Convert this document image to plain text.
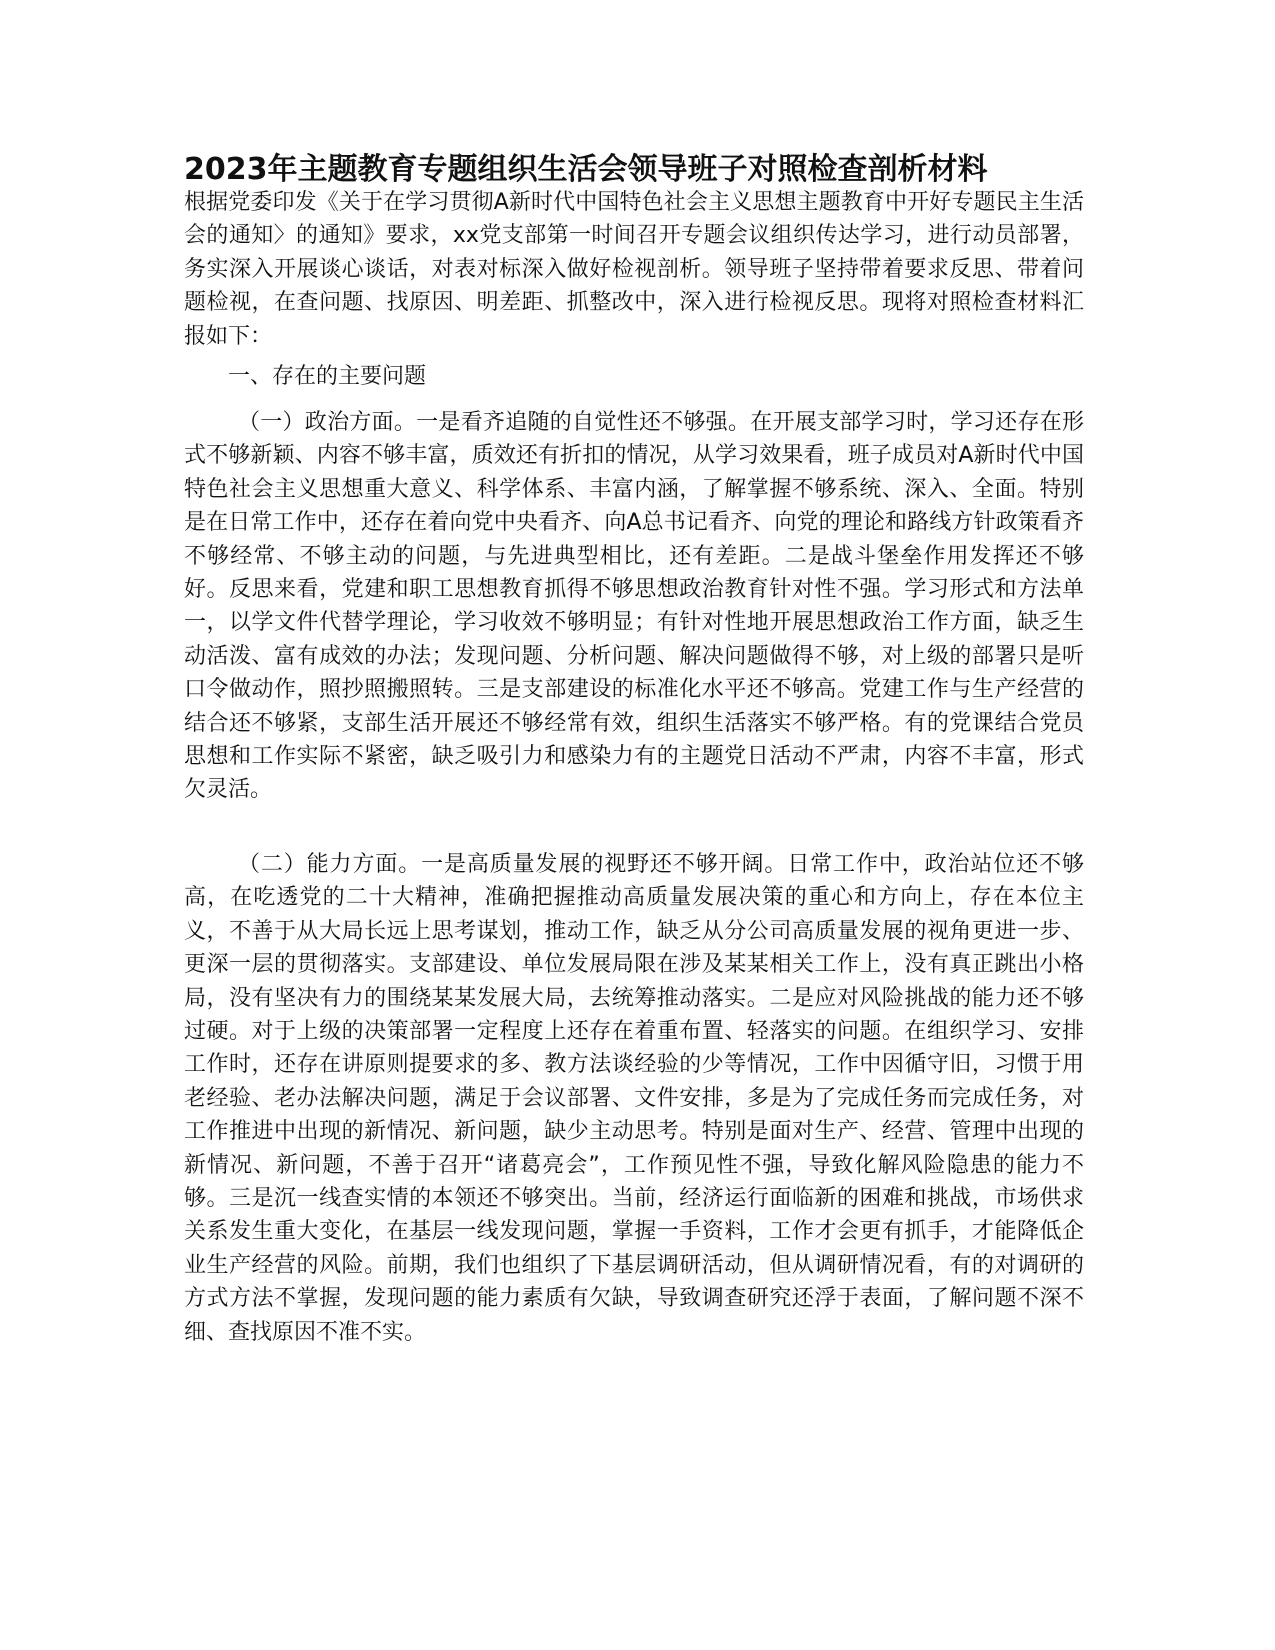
2023年主题教育专题组织生活会领导班子对照检查剖析材料

根据党委印发《关于在学习贯彻A新时代中国特色社会主义思想主题教育中开好专题民主生活会的通知〉的通知》要求，xx党支部第一时间召开专题会议组织传达学习，进行动员部署，务实深入开展谈心谈话，对表对标深入做好检视剖析。领导班子坚持带着要求反思、带着问题检视，在查问题、找原因、明差距、抓整改中，深入进行检视反思。现将对照检查材料汇报如下：

一、存在的主要问题

（一）政治方面。一是看齐追随的自觉性还不够强。在开展支部学习时，学习还存在形式不够新颖、内容不够丰富，质效还有折扣的情况，从学习效果看，班子成员对A新时代中国特色社会主义思想重大意义、科学体系、丰富内涵，了解掌握不够系统、深入、全面。特别是在日常工作中，还存在着向党中央看齐、向A总书记看齐、向党的理论和路线方针政策看齐不够经常、不够主动的问题，与先进典型相比，还有差距。二是战斗堡垒作用发挥还不够好。反思来看，党建和职工思想教育抓得不够思想政治教育针对性不强。学习形式和方法单一，以学文件代替学理论，学习收效不够明显；有针对性地开展思想政治工作方面，缺乏生动活泼、富有成效的办法；发现问题、分析问题、解决问题做得不够，对上级的部署只是听口令做动作，照抄照搬照转。三是支部建设的标准化水平还不够高。党建工作与生产经营的结合还不够紧，支部生活开展还不够经常有效，组织生活落实不够严格。有的党课结合党员思想和工作实际不紧密，缺乏吸引力和感染力有的主题党日活动不严肃，内容不丰富，形式欠灵活。

（二）能力方面。一是高质量发展的视野还不够开阔。日常工作中，政治站位还不够高，在吃透党的二十大精神，准确把握推动高质量发展决策的重心和方向上，存在本位主义，不善于从大局长远上思考谋划，推动工作，缺乏从分公司高质量发展的视角更进一步、更深一层的贯彻落实。支部建设、单位发展局限在涉及某某相关工作上，没有真正跳出小格局，没有坚决有力的围绕某某发展大局，去统筹推动落实。二是应对风险挑战的能力还不够过硬。对于上级的决策部署一定程度上还存在着重布置、轻落实的问题。在组织学习、安排工作时，还存在讲原则提要求的多、教方法谈经验的少等情况，工作中因循守旧，习惯于用老经验、老办法解决问题，满足于会议部署、文件安排，多是为了完成任务而完成任务，对工作推进中出现的新情况、新问题，缺少主动思考。特别是面对生产、经营、管理中出现的新情况、新问题，不善于召开“诸葛亮会”，工作预见性不强，导致化解风险隐患的能力不够。三是沉一线查实情的本领还不够突出。当前，经济运行面临新的困难和挑战，市场供求关系发生重大变化，在基层一线发现问题，掌握一手资料，工作才会更有抓手，才能降低企业生产经营的风险。前期，我们也组织了下基层调研活动，但从调研情况看，有的对调研的方式方法不掌握，发现问题的能力素质有欠缺，导致调查研究还浮于表面，了解问题不深不细、查找原因不准不实。
